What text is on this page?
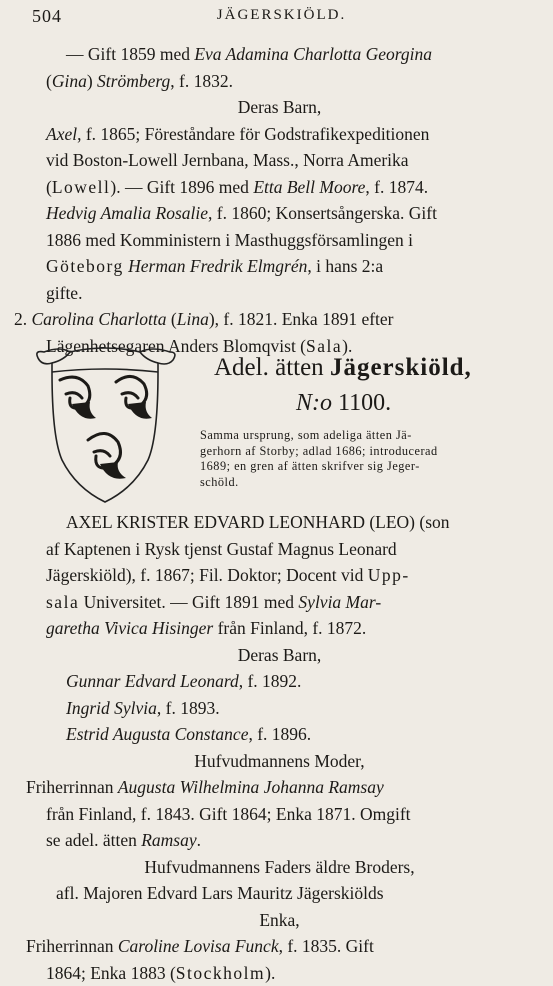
504	JÄGERSKIÖLD.
— Gift 1859 med Eva Adamina Charlotta Georgina
(Gina) Strömberg, f. 1832.
Deras Barn,
Axel, f. 1865; Föreståndare för Godstrafikexpeditionen
vid Boston-Lowell Jernbana, Mass., Norra Amerika
(Lowell). — Gift 1896 med Etta Bell Moore, f. 1874.
Hedvig Amalia Rosalie, f. 1860; Konsertsångerska. Gift
1886 med Komministern i Masthuggsförsamlingen i
Göteborg Herman Fredrik Elmgrén, i hans 2:a
gifte.
2. Carolina Charlotta (Lina), f. 1821. Enka 1891 efter
Lägenhetsegaren Anders Blomqvist (Sala).
Adel. ätten Jägerskiöld,
N:o 1100.
Samma ursprung, som adeliga ätten Jä-
gerhorn af Storby; adlad 1686; introducerad
1689; en gren af ätten skrifver sig Jeger-
schöld.
AXEL KRISTER EDVARD LEONHARD (LEO) (son
af Kaptenen i Rysk tjenst Gustaf Magnus Leonard
Jägerskiöld), f. 1867; Fil. Doktor; Docent vid Upp-
sala Universitet. — Gift 1891 med Sylvia Mar-
garetha Vivica Hisinger från Finland, f. 1872.
Deras Barn,
Gunnar Edvard Leonard, f. 1892.
Ingrid Sylvia, f. 1893.
Estrid Augusta Constance, f. 1896.
Hufvudmannens Moder,
Friherrinnan Augusta Wilhelmina Johanna Ramsay
från Finland, f. 1843. Gift 1864; Enka 1871. Omgift
se adel. ätten Ramsay.
Hufvudmannens Faders äldre Broders,
afl. Majoren Edvard Lars Mauritz Jägerskiölds
Enka,
Friherrinnan Caroline Lovisa Funck, f. 1835. Gift
1864; Enka 1883 (Stockholm).
